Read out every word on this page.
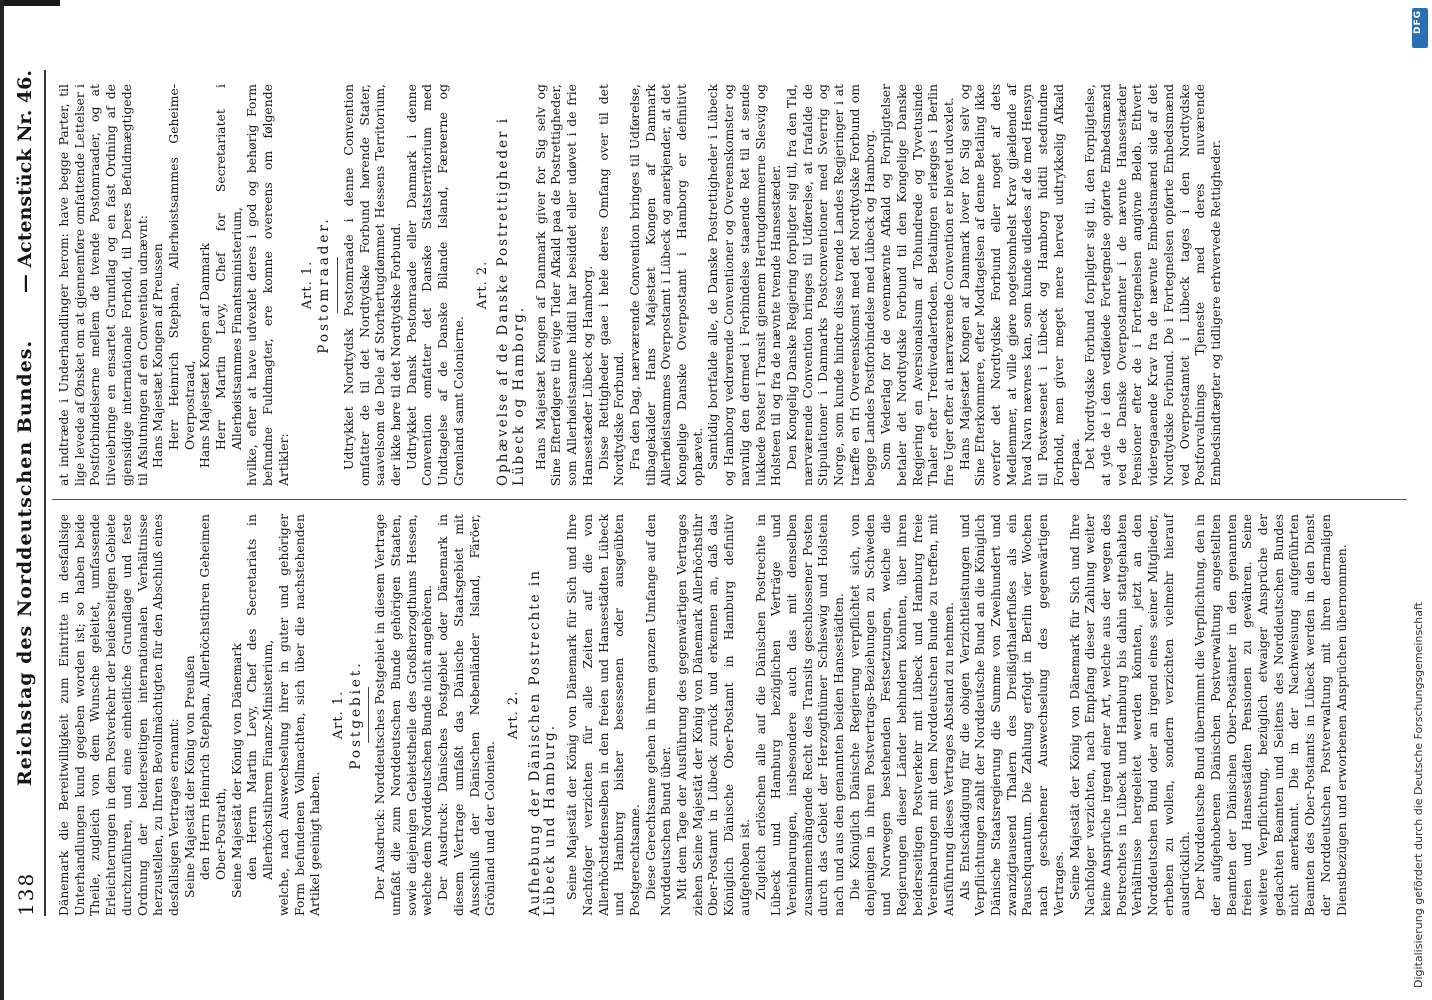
138
Reichstag des Norddeutschen Bundes.
— Actenstück Nr. 46.

Dänemark die Bereitwilligkeit zum Eintritte in desfallsige Unterhandlungen kund gegeben worden ist; so haben beide Theile, zugleich von dem Wunsche geleitet, umfassende Erleichterungen in dem Postverkehr der beiderseitigen Gebiete durchzuführen, und eine einheitliche Grundlage und feste Ordnung der beiderseitigen internationalen Verhältnisse herzustellen, zu Ihren Bevollmächtigten für den Abschluß eines desfallsigen Vertrages ernannt: Seine Majestät der König von Preußen den Herrn Heinrich Stephan, Allerhöchstihren Geheimen Ober-Postrath, Seine Majestät der König von Dänemark den Herrn Martin Levy, Chef des Secretariats in Allerhöchstihrem Finanz-Ministerium, welche, nach Auswechselung ihrer in guter und gehöriger Form befundenen Vollmachten, sich über die nachstehenden Artikel geeinigt haben.

Art. 1. Postgebiet. Der Ausdruck: Norddeutsches Postgebiet in diesem Vertrage umfaßt die zum Norddeutschen Bunde gehörigen Staaten, sowie diejenigen Gebietstheile des Großherzogthums Hessen, welche dem Norddeutschen Bunde nicht angehören. Der Ausdruck: Dänisches Postgebiet oder Dänemark in diesem Vertrage umfaßt das Dänische Staatsgebiet mit Ausschluß der Dänischen Nebenländer Island, Färöer, Grönland und der Colonien.

Art. 2. Aufhebung der Dänischen Postrechte in Lübeck und Hamburg. Seine Majestät der König von Dänemark für Sich und Ihre Nachfolger verzichten für alle Zeiten auf die von Allerhöchstdenselben in den freien und Hansestädten Lübeck und Hamburg bisher besessenen oder ausgeübten Postgerechtsame. Diese Gerechtsame gehen in ihrem ganzen Umfange auf den Norddeutschen Bund über. Mit dem Tage der Ausführung des gegenwärtigen Vertrages ziehen Seine Majestät der König von Dänemark Allerhöchstihr Ober-Postamt in Lübeck zurück und erkennen an, daß das Königlich Dänische Ober-Postamt in Hamburg definitiv aufgehoben ist. Zugleich erlöschen alle auf die Dänischen Postrechte in Lübeck und Hamburg bezüglichen Verträge und Vereinbarungen, insbesondere auch das mit denselben zusammenhängende Recht des Transits geschlossener Posten durch das Gebiet der Herzogthümer Schleswig und Holstein nach und aus den genannten beiden Hansestädten. Die Königlich Dänische Regierung verpflichtet sich, von denjenigen in ihren Postvertrags-Beziehungen zu Schweden und Norwegen bestehenden Festsetzungen, welche die Regierungen dieser Länder behindern könnten, über ihren beiderseitigen Postverkehr mit Lübeck und Hamburg freie Vereinbarungen mit dem Norddeutschen Bunde zu treffen, mit Ausführung dieses Vertrages Abstand zu nehmen. Als Entschädigung für die obigen Verzichtleistungen und Verpflichtungen zahlt der Norddeutsche Bund an die Königlich Dänische Staatsregierung die Summe von Zweihundert und zwanzigtausend Thalern des Dreißigthalerfußes als ein Pauschquantum. Die Zahlung erfolgt in Berlin vier Wochen nach geschehener Auswechselung des gegenwärtigen Vertrages. Seine Majestät der König von Dänemark für Sich und Ihre Nachfolger verzichten, nach Empfang dieser Zahlung weiter keine Ansprüche irgend einer Art, welche aus der wegen des Postrechtes in Lübeck und Hamburg bis dahin stattgehabten Verhältnisse hergeleitet werden könnten, jetzt an den Norddeutschen Bund oder an irgend eines seiner Mitglieder, erheben zu wollen, sondern verzichten vielmehr hierauf ausdrücklich. Der Norddeutsche Bund übernimmt die Verpflichtung, den in der aufgehobenen Dänischen Postverwaltung angestellten Beamten der Dänischen Ober-Postämter in den genannten freien und Hansestädten Pensionen zu gewähren. Seine weitere Verpflichtung, bezüglich etwaiger Ansprüche der gedachten Beamten und Seitens des Norddeutschen Bundes nicht anerkannt. Die in der Nachweisung aufgeführten Beamten des Ober-Postamts in Lübeck werden in den Dienst der Norddeutschen Postverwaltung mit ihren dermaligen Dienstbezügen und erworbenen Ansprüchen übernommen.

at indtræde i Underhandlinger herom: have begge Parter, til lige levede af Ønsket om at gjennemføre omfattende Lettelser i Postforbindelserne mellem de tvende Postomraader, og at tilveiebringe en ensartet Grundlag og en fast Ordning af de gjensidige internationale Forhold, til Deres Befuldmægtigede til Afslutningen af en Convention udnævnt: Hans Majestæt Kongen af Preussen Herr Heinrich Stephan, Allerhøistsammes Geheime-Overpostraad, Hans Majestæt Kongen af Danmark Herr Martin Levy, Chef for Secretariatet i Allerhøistsammes Finantsministerium, hvilke, efter at have udvexlet deres i god og behørig Form befundne Fuldmagter, ere komne overeens om følgende Artikler:

Art. 1. Postomraader. Udtrykket Nordtydsk Postomraade i denne Convention omfatter de til det Nordtydske Forbund hørende Stater, saavelsom de Dele af Storhertugdømmet Hessens Territorium, der ikke høre til det Nordtydske Forbund. Udtrykket Dansk Postomraade eller Danmark i denne Convention omfatter det Danske Statsterritorium med Undtagelse af de Danske Bilande Island, Færøerne og Grønland samt Colonierne.

Art. 2. Ophævelse af de Danske Postrettigheder i Lübeck og Hamborg. Hans Majestæt Kongen af Danmark giver for Sig selv og Sine Efterfølgere til evige Tider Afkald paa de Postrettigheder, som Allerhøistsamme hidtil har besiddet eller udøvet i de frie Hansestæder Lübeck og Hamborg. Disse Rettigheder gaae i hele deres Omfang over til det Nordtydske Forbund. Fra den Dag, nærværende Convention bringes til Udførelse, tilbagekalder Hans Majestæt Kongen af Danmark Allerhøistsammes Overpostamt i Lübeck og anerkjender, at det Kongelige Danske Overpostamt i Hamborg er definitivt ophævet. Samtidig bortfalde alle, de Danske Postrettigheder i Lübeck og Hamborg vedrørende Conventioner og Overeenskomster og navnlig den dermed i Forbindelse staaende Ret til at sende lukkede Poster i Transit gjennem Hertugdømmerne Slesvig og Holsteen til og fra de nævnte tvende Hansestæder. Den Kongelig Danske Regjering forpligter sig til, fra den Tid, nærværende Convention bringes til Udførelse, at frafalde de Stipulationer i Danmarks Postconventioner med Sverrig og Norge, som kunde hindre disse tvende Landes Regjeringer i at træffe en fri Overeenskomst med det Nordtydske Forbund om begge Landes Postforbindelse med Lübeck og Hamborg. Som Vederlag for de ovennævnte Afkald og Forpligtelser betaler det Nordtydske Forbund til den Kongelige Danske Regjering en Aversionalsum af Tohundrede og Tyvetusinde Thaler efter Tredivedalerfoden. Betalingen erlægges i Berlin fire Uger efter at nærværende Convention er blevet udvexlet. Hans Majestæt Kongen af Danmark lover for Sig selv og Sine Efterkommere, efter Modtagelsen af denne Betaling ikke overfor det Nordtydske Forbund eller noget af dets Medlemmer, at ville gjøre nogetsomhelst Krav gjældende af hvad Navn nævnes kan, som kunde udledes af de med Hensyn til Postvæsenet i Lübeck og Hamborg hidtil stedfundne Forhold, men giver meget mere herved udtrykkelig Afkald derpaa. Det Nordtydske Forbund forpligter sig til, den Forpligtelse, at yde de i den vedføiede Fortegnelse opførte Embedsmænd ved de Danske Overpostamter i de nævnte Hansestæder Pensioner efter de i Fortegnelsen angivne Beløb. Ethvert videregaaende Krav fra de nævnte Embedsmænd side af det Nordtydske Forbund. De i Fortegnelsen opførte Embedsmænd ved Overpostamtet i Lübeck tages i den Nordtydske Postforvaltnings Tjeneste med deres nuværende Embedsindtægter og tidligere erhvervede Rettigheder.

Digitalisierung gefördert durch die Deutsche Forschungsgemeinschaft
DFG
